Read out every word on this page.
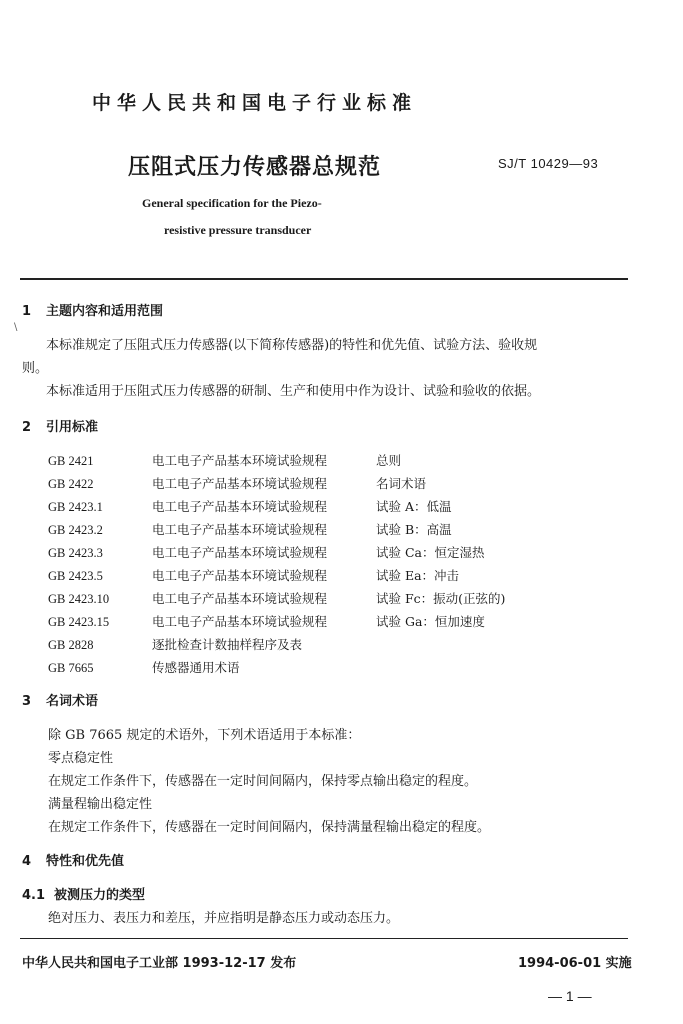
中华人民共和国电子行业标准
压阻式压力传感器总规范	SJ/T 10429—93
General specification for the Piezo-
resistive pressure transducer
\
1 主题内容和适用范围
本标准规定了压阻式压力传感器(以下简称传感器)的特性和优先值、试验方法、验收规
则。
本标准适用于压阻式压力传感器的研制、生产和使用中作为设计、试验和验收的依据。
2 引用标准
GB 2421	电工电子产品基本环境试验规程	总则
GB 2422	电工电子产品基本环境试验规程	名词术语
GB 2423.1	电工电子产品基本环境试验规程	试验 A：低温
GB 2423.2	电工电子产品基本环境试验规程	试验 B：高温
GB 2423.3	电工电子产品基本环境试验规程	试验 Ca：恒定湿热
GB 2423.5	电工电子产品基本环境试验规程	试验 Ea：冲击
GB 2423.10	电工电子产品基本环境试验规程	试验 Fc：振动(正弦的)
GB 2423.15	电工电子产品基本环境试验规程	试验 Ga：恒加速度
GB 2828	逐批检查计数抽样程序及表
GB 7665	传感器通用术语
3 名词术语
除 GB 7665 规定的术语外，下列术语适用于本标准：
零点稳定性
在规定工作条件下，传感器在一定时间间隔内，保持零点输出稳定的程度。
满量程输出稳定性
在规定工作条件下，传感器在一定时间间隔内，保持满量程输出稳定的程度。
4 特性和优先值
4.1 被测压力的类型
绝对压力、表压力和差压，并应指明是静态压力或动态压力。
中华人民共和国电子工业部 1993-12-17 发布	1994-06-01 实施
— 1 —
